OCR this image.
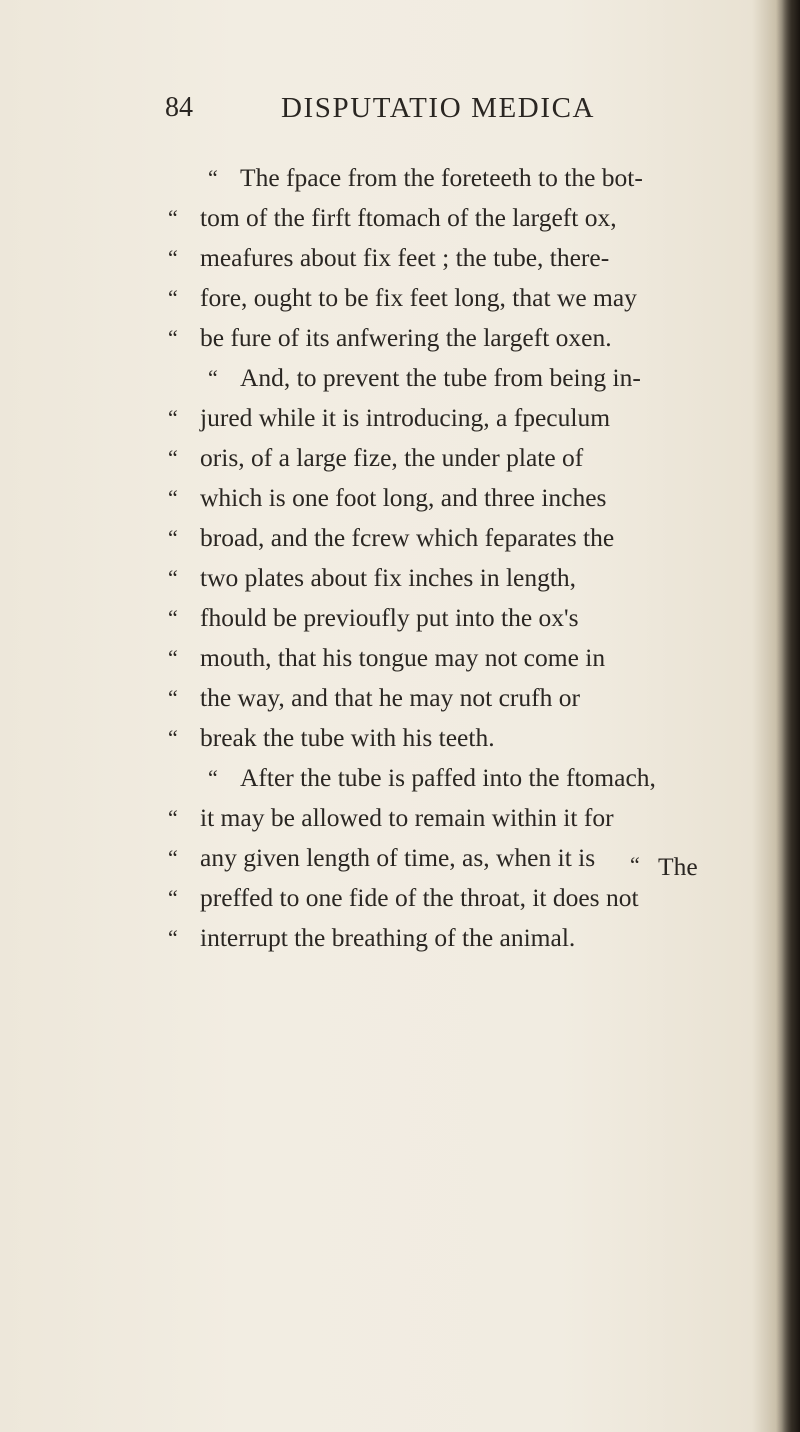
84	DISPUTATIO MEDICA
“ The fpace from the foreteeth to the bot-
“ tom of the firft ftomach of the largeft ox,
“ meafures about fix feet ; the tube, there-
“ fore, ought to be fix feet long, that we may
“ be fure of its anfwering the largeft oxen.
“ And, to prevent the tube from being in-
“ jured while it is introducing, a fpeculum
“ oris, of a large fize, the under plate of
“ which is one foot long, and three inches
“ broad, and the fcrew which feparates the
“ two plates about fix inches in length,
“ fhould be previoufly put into the ox's
“ mouth, that his tongue may not come in
“ the way, and that he may not crufh or
“ break the tube with his teeth.
“ After the tube is paffed into the ftomach,
“ it may be allowed to remain within it for
“ any given length of time, as, when it is
“ preffed to one fide of the throat, it does not
“ interrupt the breathing of the animal.
“ The
